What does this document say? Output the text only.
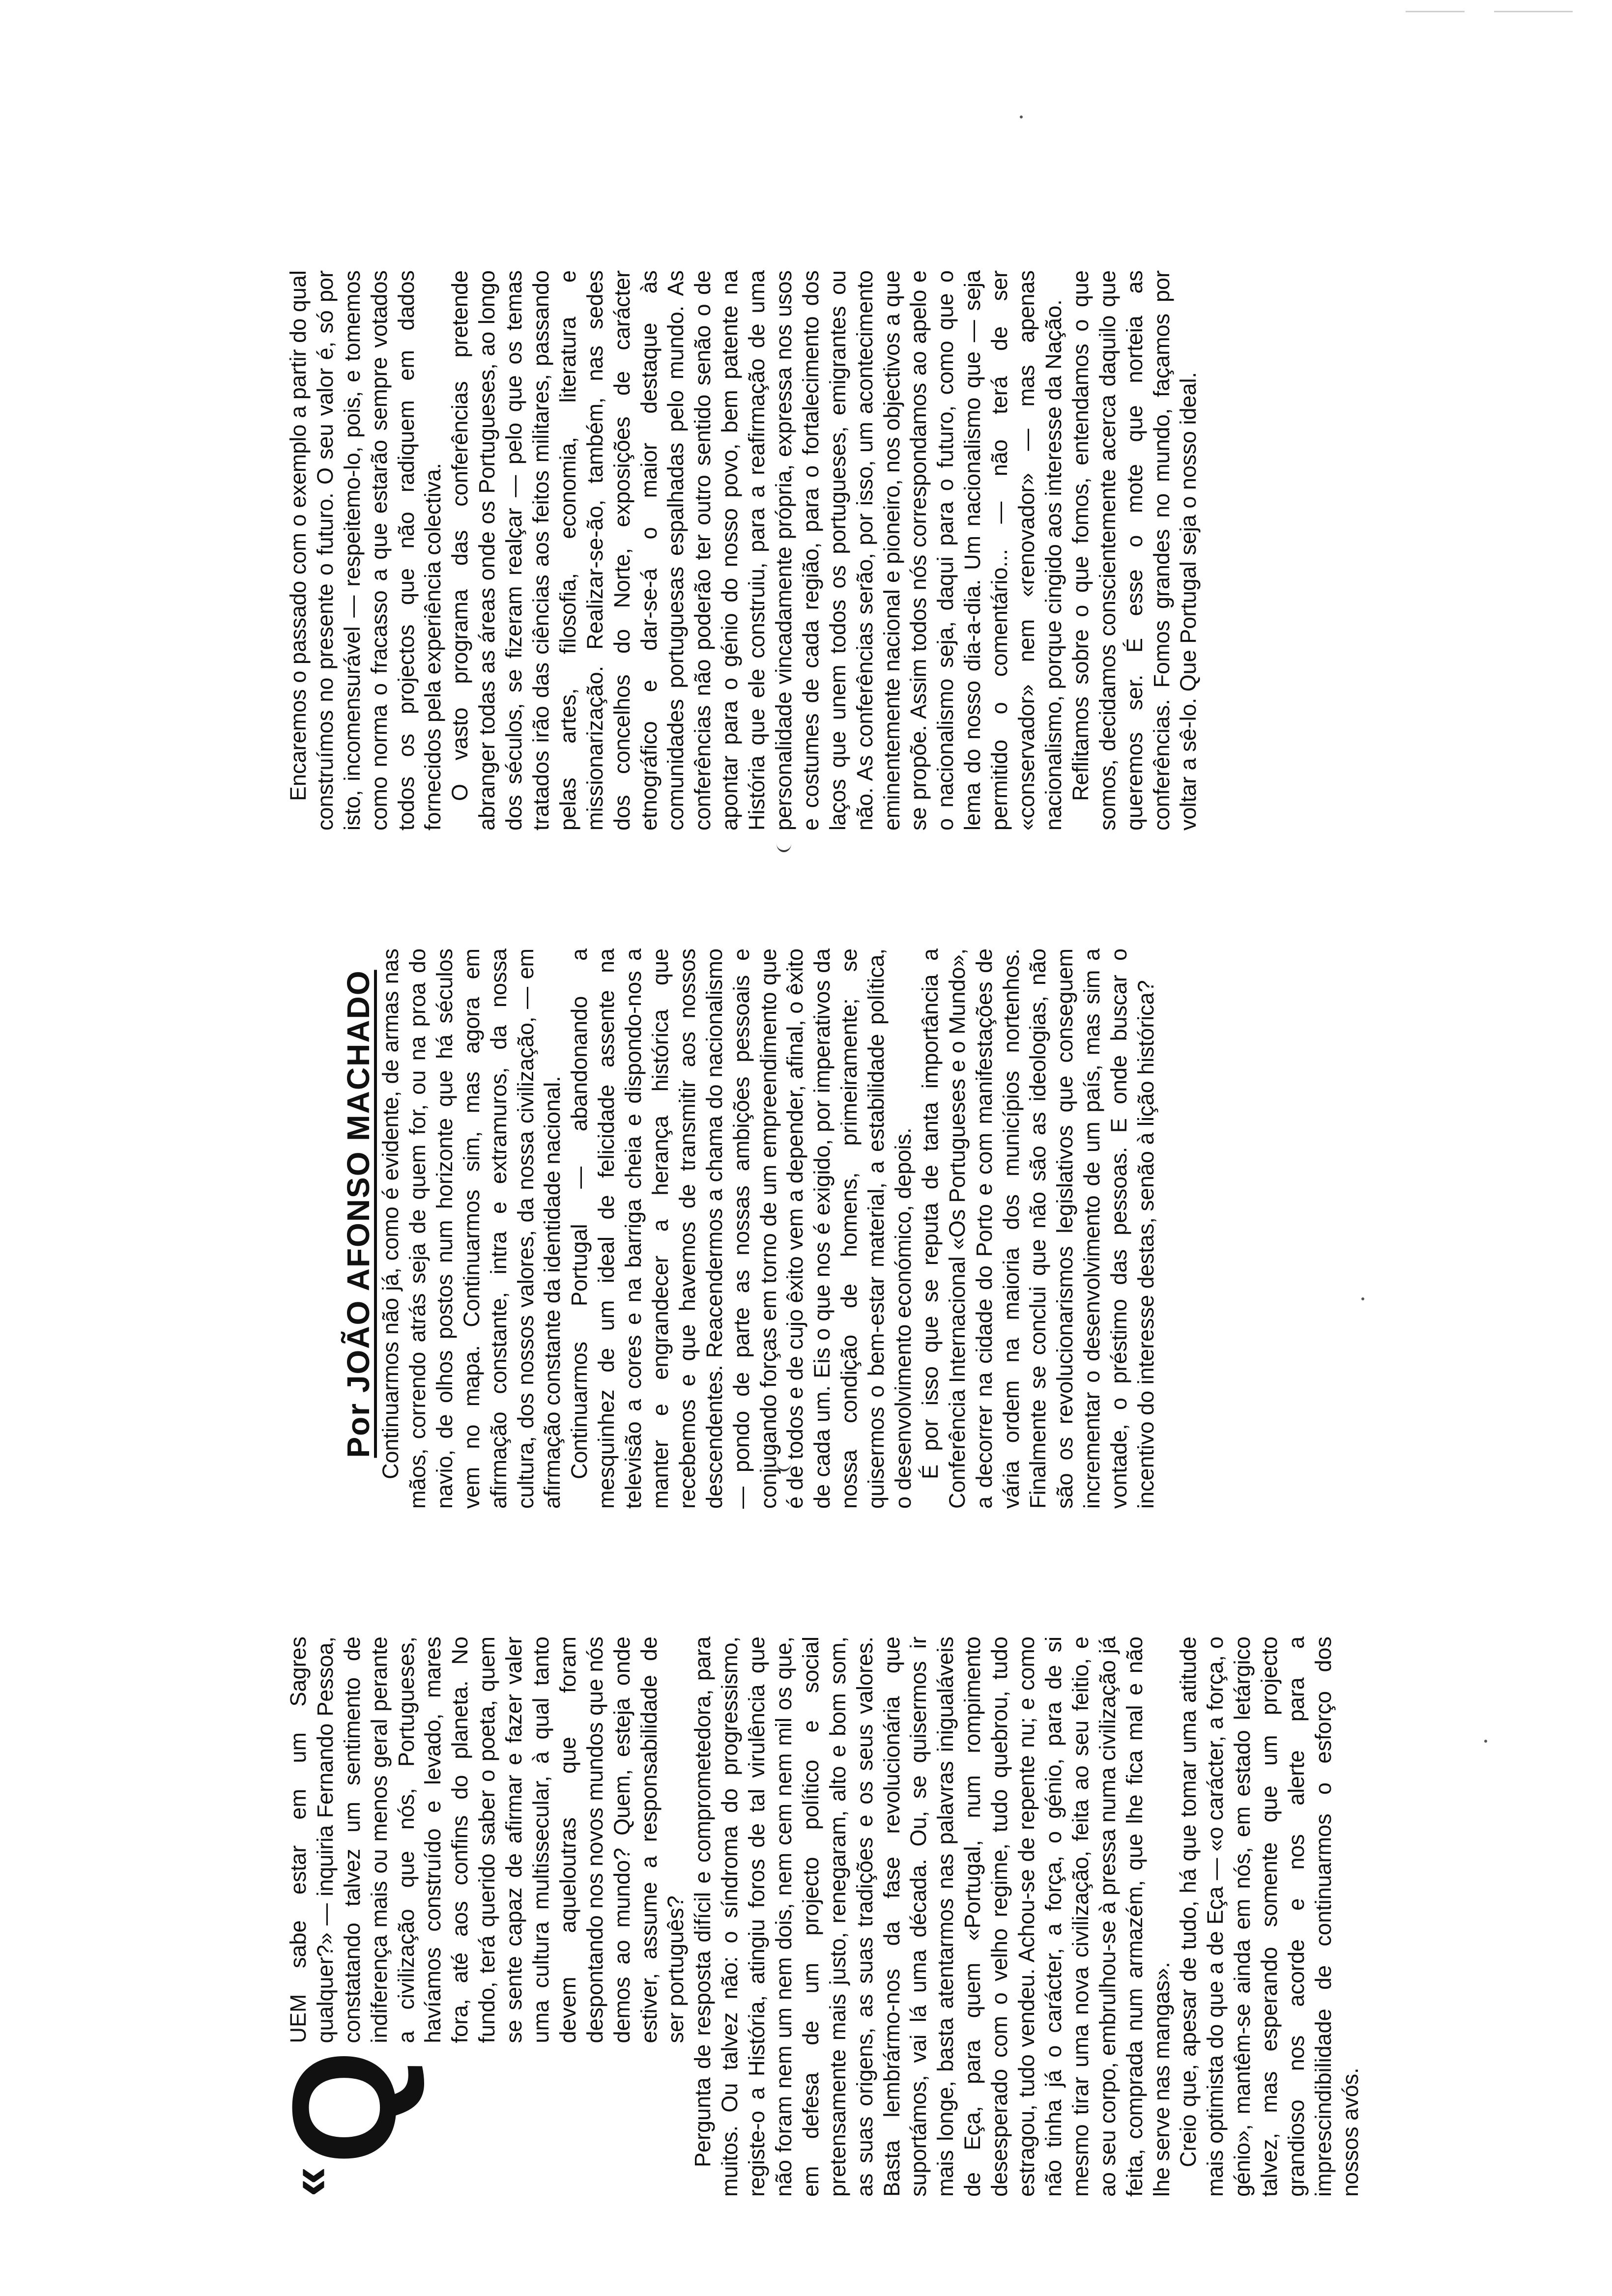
«
Q
UEM sabe estar em um Sagres qualquer?» — inquiria Fernando Pessoa, constatando talvez um sentimento de indiferença mais ou menos geral perante a civilização que nós, Portugueses, havíamos construído e levado, mares fora, até aos confins do planeta. No fundo, terá querido saber o poeta, quem se sente capaz de afirmar e fazer valer uma cultura multissecular, à qual tanto devem aqueloutras que foram despontando nos novos mundos que nós demos ao mundo? Quem, esteja onde estiver, assume a responsabilidade de ser português? Pergunta de resposta difícil e comprometedora, para muitos. Ou talvez não: o síndroma do progressismo, registe-o a História, atingiu foros de tal virulência que não foram nem um nem dois, nem cem nem mil os que, em defesa de um projecto político e social pretensamente mais justo, renegaram, alto e bom som, as suas origens, as suas tradições e os seus valores. Basta lembrármo-nos da fase revolucionária que suportámos, vai lá uma década. Ou, se quisermos ir mais longe, basta atentarmos nas palavras inigualáveis de Eça, para quem «Portugal, num rompimento desesperado com o velho regime, tudo quebrou, tudo estragou, tudo vendeu. Achou-se de repente nu; e como não tinha já o carácter, a força, o génio, para de si mesmo tirar uma nova civilização, feita ao seu feitio, e ao seu corpo, embrulhou-se à pressa numa civilização já feita, comprada num armazém, que lhe fica mal e não lhe serve nas mangas». Creio que, apesar de tudo, há que tomar uma atitude mais optimista do que a de Eça — «o carácter, a força, o génio», mantêm-se ainda em nós, em estado letárgico talvez, mas esperando somente que um projecto grandioso nos acorde e nos alerte para a imprescindibilidade de continuarmos o esforço dos nossos avós.

Por JOÃO AFONSO MACHADO Continuarmos não já, como é evidente, de armas nas mãos, correndo atrás seja de quem for, ou na proa do navio, de olhos postos num horizonte que há séculos vem no mapa. Continuarmos sim, mas agora em afirmação constante, intra e extramuros, da nossa cultura, dos nossos valores, da nossa civilização, — em afirmação constante da identidade nacional. Continuarmos Portugal — abandonando a mesquinhez de um ideal de felicidade assente na televisão a cores e na barriga cheia e dispondo-nos a manter e engrandecer a herança histórica que recebemos e que havemos de transmitir aos nossos descendentes. Reacendermos a chama do nacionalismo — pondo de parte as nossas ambições pessoais e conjugando forças em torno de um empreendimento que é de todos e de cujo êxito vem a depender, afinal, o êxito de cada um. Eis o que nos é exigido, por imperativos da nossa condição de homens, primeiramente; se quisermos o bem-estar material, a estabilidade política, o desenvolvimento económico, depois. É por isso que se reputa de tanta importância a Conferência Internacional «Os Portugueses e o Mundo», a decorrer na cidade do Porto e com manifestações de vária ordem na maioria dos municípios nortenhos. Finalmente se conclui que não são as ideologias, não são os revolucionarismos legislativos que conseguem incrementar o desenvolvimento de um país, mas sim a vontade, o préstimo das pessoas. E onde buscar o incentivo do interesse destas, senão à lição histórica?

Encaremos o passado com o exemplo a partir do qual construímos no presente o futuro. O seu valor é, só por isto, incomensurável — respeitemo-lo, pois, e tomemos como norma o fracasso a que estarão sempre votados todos os projectos que não radiquem em dados fornecidos pela experiência colectiva. O vasto programa das conferências pretende abranger todas as áreas onde os Portugueses, ao longo dos séculos, se fizeram realçar — pelo que os temas tratados irão das ciências aos feitos militares, passando pelas artes, filosofia, economia, literatura e missionarização. Realizar-se-ão, também, nas sedes dos concelhos do Norte, exposições de carácter etnográfico e dar-se-á o maior destaque às comunidades portuguesas espalhadas pelo mundo. As conferências não poderão ter outro sentido senão o de apontar para o génio do nosso povo, bem patente na História que ele construiu, para a reafirmação de uma personalidade vincadamente própria, expressa nos usos e costumes de cada região, para o fortalecimento dos laços que unem todos os portugueses, emigrantes ou não. As conferências serão, por isso, um acontecimento eminentemente nacional e pioneiro, nos objectivos a que se propõe. Assim todos nós correspondamos ao apelo e o nacionalismo seja, daqui para o futuro, como que o lema do nosso dia-a-dia. Um nacionalismo que — seja permitido o comentário... — não terá de ser «conservador» nem «renovador» — mas apenas nacionalismo, porque cingido aos interesse da Nação. Reflitamos sobre o que fomos, entendamos o que somos, decidamos conscientemente acerca daquilo que queremos ser. É esse o mote que norteia as conferências. Fomos grandes no mundo, façamos por voltar a sê-lo. Que Portugal seja o nosso ideal.
